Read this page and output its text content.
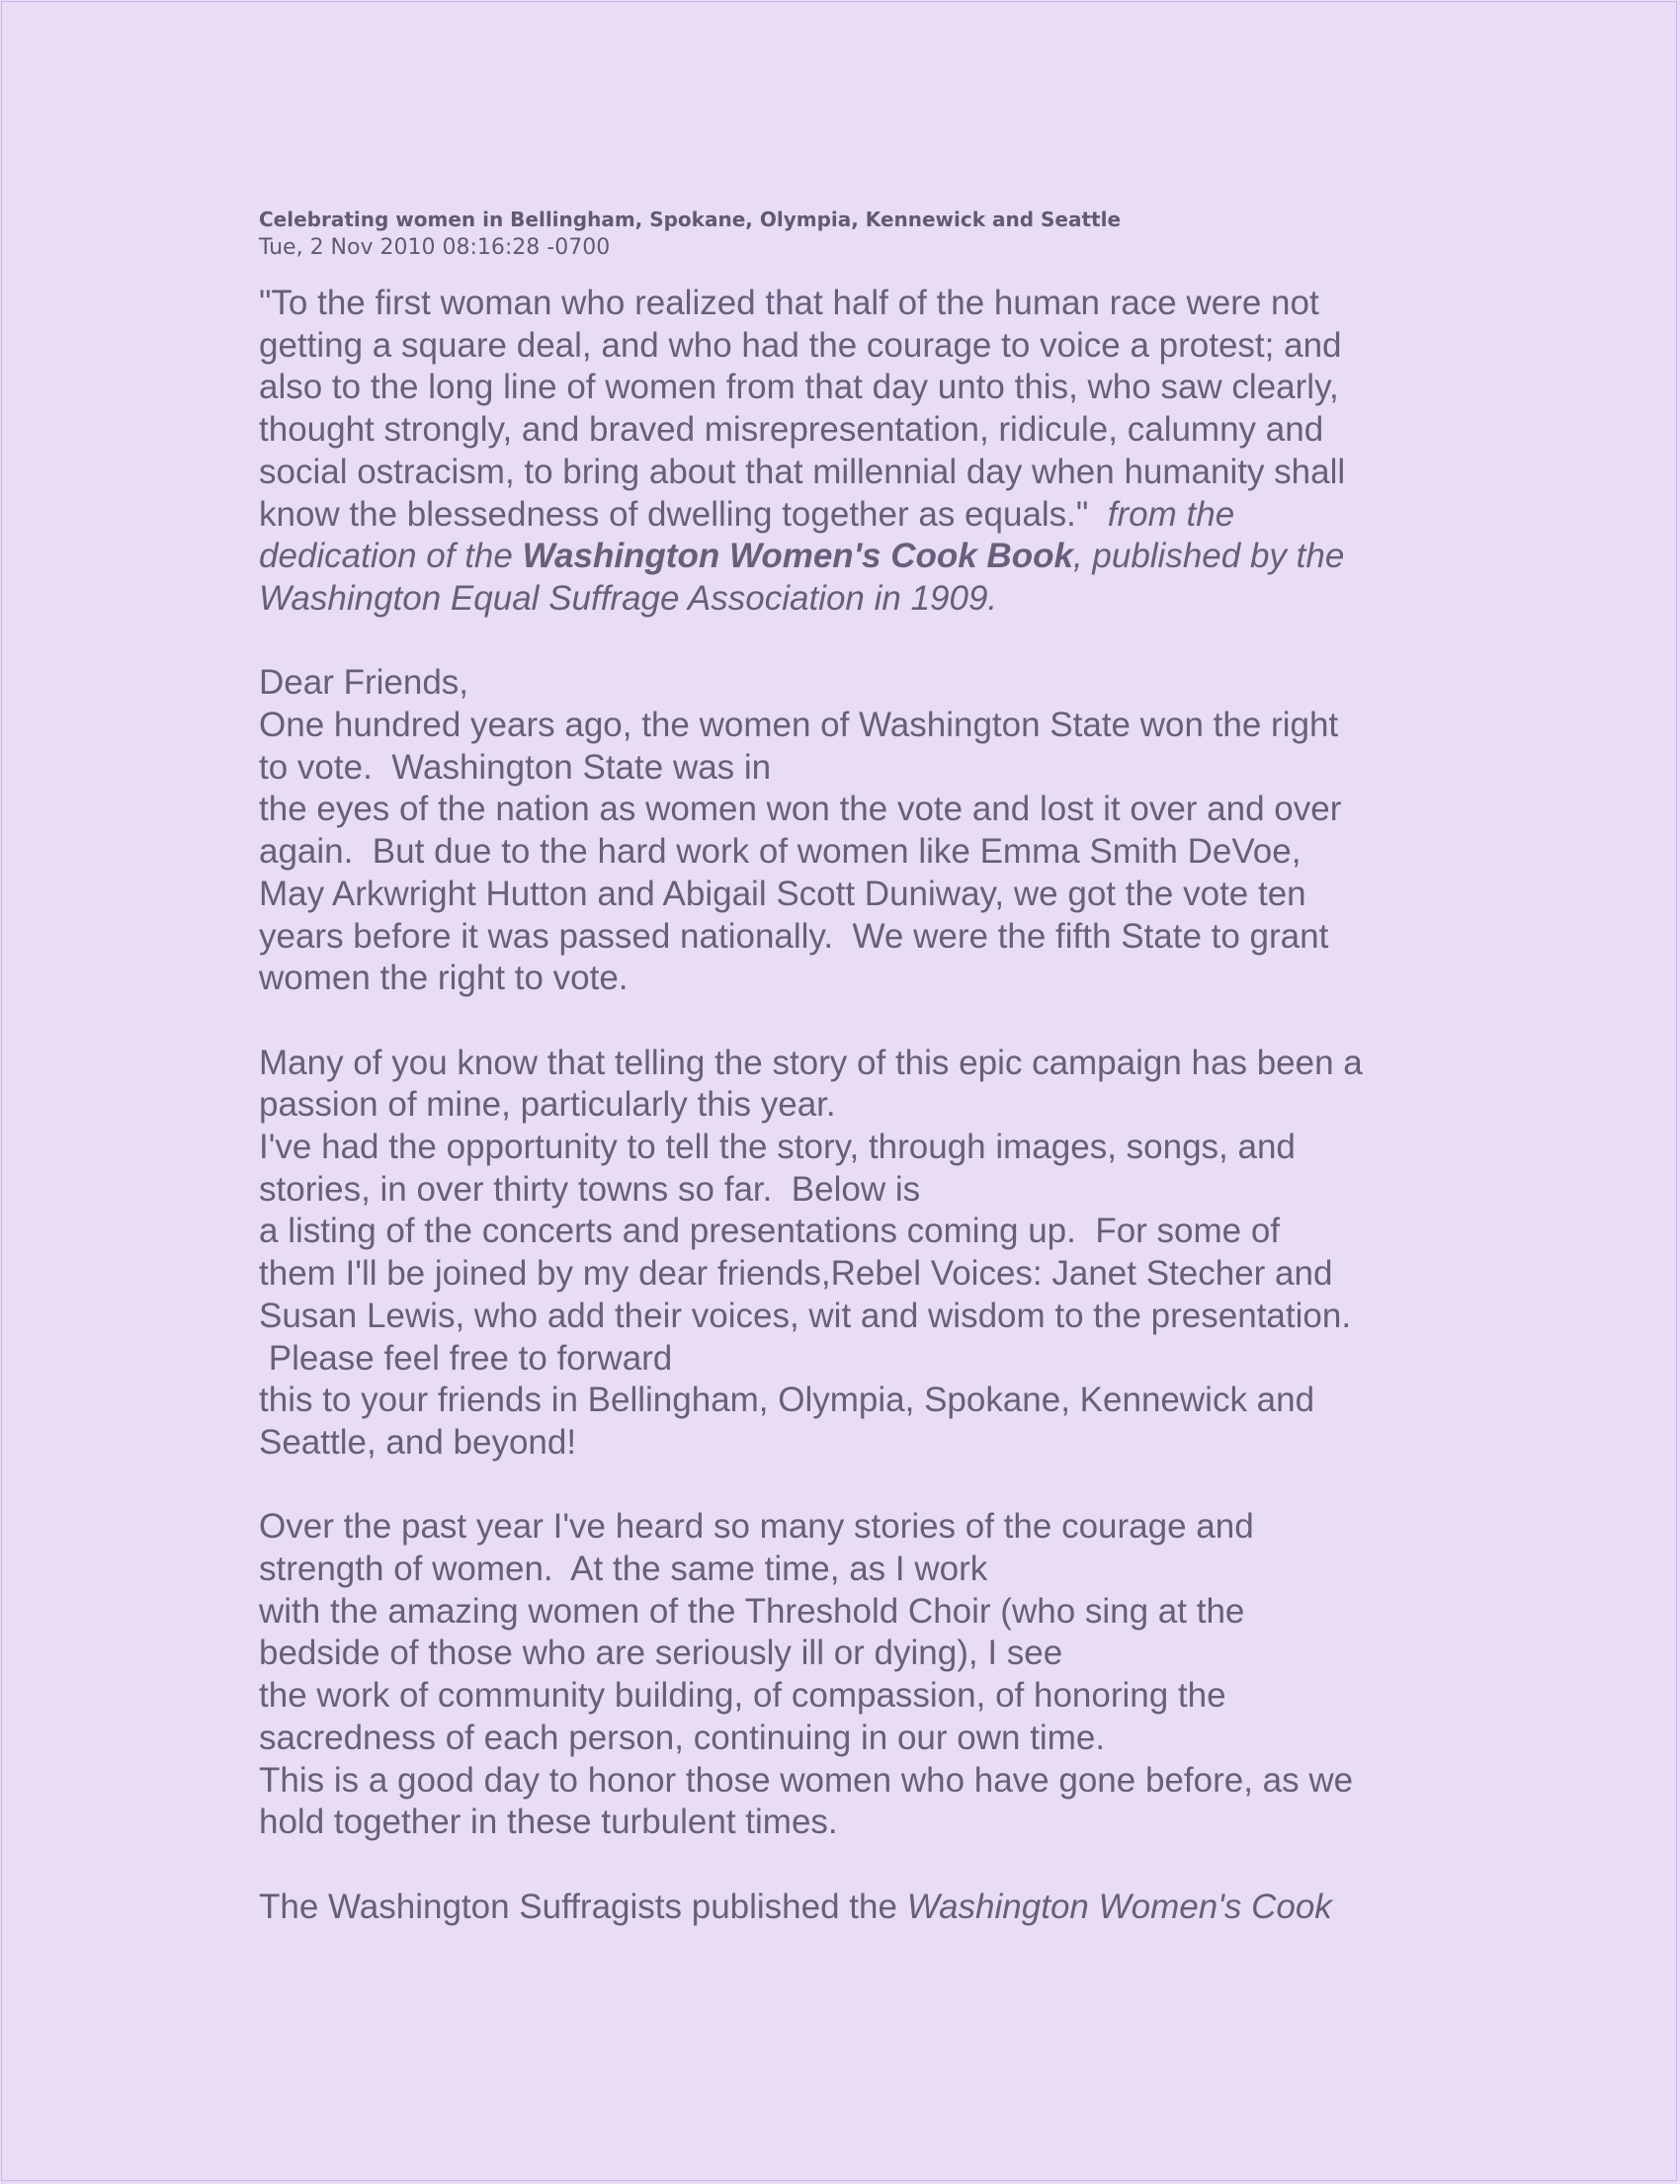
Celebrating women in Bellingham, Spokane, Olympia, Kennewick and Seattle
Tue, 2 Nov 2010 08:16:28 -0700
"To the first woman who realized that half of the human race were not
getting a square deal, and who had the courage to voice a protest; and
also to the long line of women from that day unto this, who saw clearly,
thought strongly, and braved misrepresentation, ridicule, calumny and
social ostracism, to bring about that millennial day when humanity shall
know the blessedness of dwelling together as equals." from the
dedication of the Washington Women's Cook Book, published by the
Washington Equal Suffrage Association in 1909.
Dear Friends,
One hundred years ago, the women of Washington State won the right
to vote.  Washington State was in
the eyes of the nation as women won the vote and lost it over and over
again.  But due to the hard work of women like Emma Smith DeVoe,
May Arkwright Hutton and Abigail Scott Duniway, we got the vote ten
years before it was passed nationally.  We were the fifth State to grant
women the right to vote.
Many of you know that telling the story of this epic campaign has been a
passion of mine, particularly this year.
I've had the opportunity to tell the story, through images, songs, and
stories, in over thirty towns so far.  Below is
a listing of the concerts and presentations coming up.  For some of
them I'll be joined by my dear friends,Rebel Voices: Janet Stecher and
Susan Lewis, who add their voices, wit and wisdom to the presentation.
Please feel free to forward
this to your friends in Bellingham, Olympia, Spokane, Kennewick and
Seattle, and beyond!
Over the past year I've heard so many stories of the courage and
strength of women.  At the same time, as I work
with the amazing women of the Threshold Choir (who sing at the
bedside of those who are seriously ill or dying), I see
the work of community building, of compassion, of honoring the
sacredness of each person, continuing in our own time.
This is a good day to honor those women who have gone before, as we
hold together in these turbulent times.
The Washington Suffragists published the Washington Women's Cook
